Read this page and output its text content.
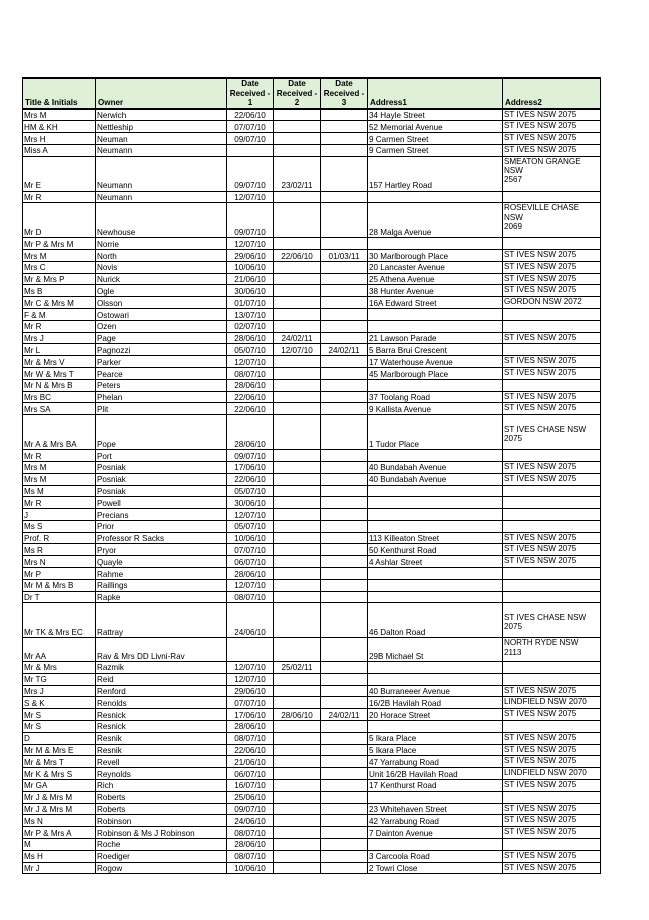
Title & Initials	Owner	Date Received - 1	Date Received - 2	Date Received - 3	Address1	Address2
Mrs M	Nerwich	22/06/10			34 Hayle Street	ST IVES NSW 2075
HM & KH	Nettleship	07/07/10			52 Memorial Avenue	ST IVES NSW 2075
Mrs H	Neuman	09/07/10			9 Carmen Street	ST IVES NSW 2075
Miss A	Neumann				9 Carmen Street	ST IVES NSW 2075
Mr E	Neumann	09/07/10	23/02/11		157 Hartley Road	SMEATON GRANGE
NSW
2567
Mr R	Neumann	12/07/10				
Mr D	Newhouse	09/07/10			28 Malga Avenue	ROSEVILLE CHASE
NSW
2069
Mr P & Mrs M	Norrie	12/07/10				
Mrs M	North	29/06/10	22/06/10	01/03/11	30 Marlborough Place	ST IVES NSW 2075
Mrs C	Novis	10/06/10			20 Lancaster Avenue	ST IVES NSW 2075
Mr & Mrs P	Nurick	21/06/10			25 Athena Avenue	ST IVES NSW 2075
Ms B	Ogle	30/06/10			38 Hunter Avenue	ST IVES NSW 2075
Mr C & Mrs M	Olsson	01/07/10			16A Edward Street	GORDON NSW 2072
F & M	Ostowari	13/07/10				
Mr R	Ozen	02/07/10				
Mrs J	Page	28/06/10	24/02/11		21 Lawson Parade	ST IVES NSW 2075
Mr L	Pagnozzi	05/07/10	12/07/10	24/02/11	5 Barra Brui Crescent	
Mr & Mrs V	Parker	12/07/10			17 Waterhouse Avenue	ST IVES NSW 2075
Mr W & Mrs T	Pearce	08/07/10			45 Marlborough Place	ST IVES NSW 2075
Mr N & Mrs B	Peters	28/06/10				
Mrs BC	Phelan	22/06/10			37 Toolang Road	ST IVES NSW 2075
Mrs SA	Plit	22/06/10			9 Kallista Avenue	ST IVES NSW 2075
Mr A & Mrs BA	Pope	28/06/10			1 Tudor Place	
ST IVES CHASE NSW
2075
Mr R	Port	09/07/10				
Mrs M	Posniak	17/06/10			40 Bundabah Avenue	ST IVES NSW 2075
Mrs M	Posniak	22/06/10			40 Bundabah Avenue	ST IVES NSW 2075
Ms M	Posniak	05/07/10				
Mr R	Powell	30/06/10				
J	Precians	12/07/10				
Ms S	Prior	05/07/10				
Prof. R	Professor R Sacks	10/06/10			113 Killeaton Street	ST IVES NSW 2075
Ms R	Pryor	07/07/10			50 Kenthurst Road	ST IVES NSW 2075
Mrs N	Quayle	06/07/10			4 Ashlar Street	ST IVES NSW 2075
Mr P	Rahme	28/06/10				
Mr M & Mrs B	Raillings	12/07/10				
Dr T	Rapke	08/07/10				
Mr TK & Mrs EC	Rattray	24/06/10			46 Dalton Road	
ST IVES CHASE NSW
2075
Mr AA	Rav & Mrs DD Livni-Rav				29B Michael St	NORTH RYDE NSW
2113
Mr & Mrs	Razmik	12/07/10	25/02/11			
Mr TG	Reid	12/07/10				
Mrs J	Renford	29/06/10			40 Burraneeer Avenue	ST IVES NSW 2075
S & K	Renolds	07/07/10			16/2B Havilah Road	LINDFIELD NSW 2070
Mr S	Resnick	17/06/10	28/06/10	24/02/11	20 Horace Street	ST IVES NSW 2075
Mr S	Resnick	28/06/10				
D	Resnik	08/07/10			5 Ikara Place	ST IVES NSW 2075
Mr M & Mrs E	Resnik	22/06/10			5 Ikara Place	ST IVES NSW 2075
Mr & Mrs T	Revell	21/06/10			47 Yarrabung Road	ST IVES NSW 2075
Mr K & Mrs S	Reynolds	06/07/10			Unit 16/2B Havilah Road	LINDFIELD NSW 2070
Mr GA	Rich	16/07/10			17 Kenthurst Road	ST IVES NSW 2075
Mr J & Mrs M	Roberts	25/06/10				
Mr J & Mrs M	Roberts	09/07/10			23 Whitehaven Street	ST IVES NSW 2075
Ms N	Robinson	24/06/10			42 Yarrabung Road	ST IVES NSW 2075
Mr P & Mrs A	Robinson & Ms J Robinson	08/07/10			7 Dainton Avenue	ST IVES NSW 2075
M	Roche	28/06/10				
Ms H	Roediger	08/07/10			3 Carcoola Road	ST IVES NSW 2075
Mr J	Rogow	10/06/10			2 Towri Close	ST IVES NSW 2075
